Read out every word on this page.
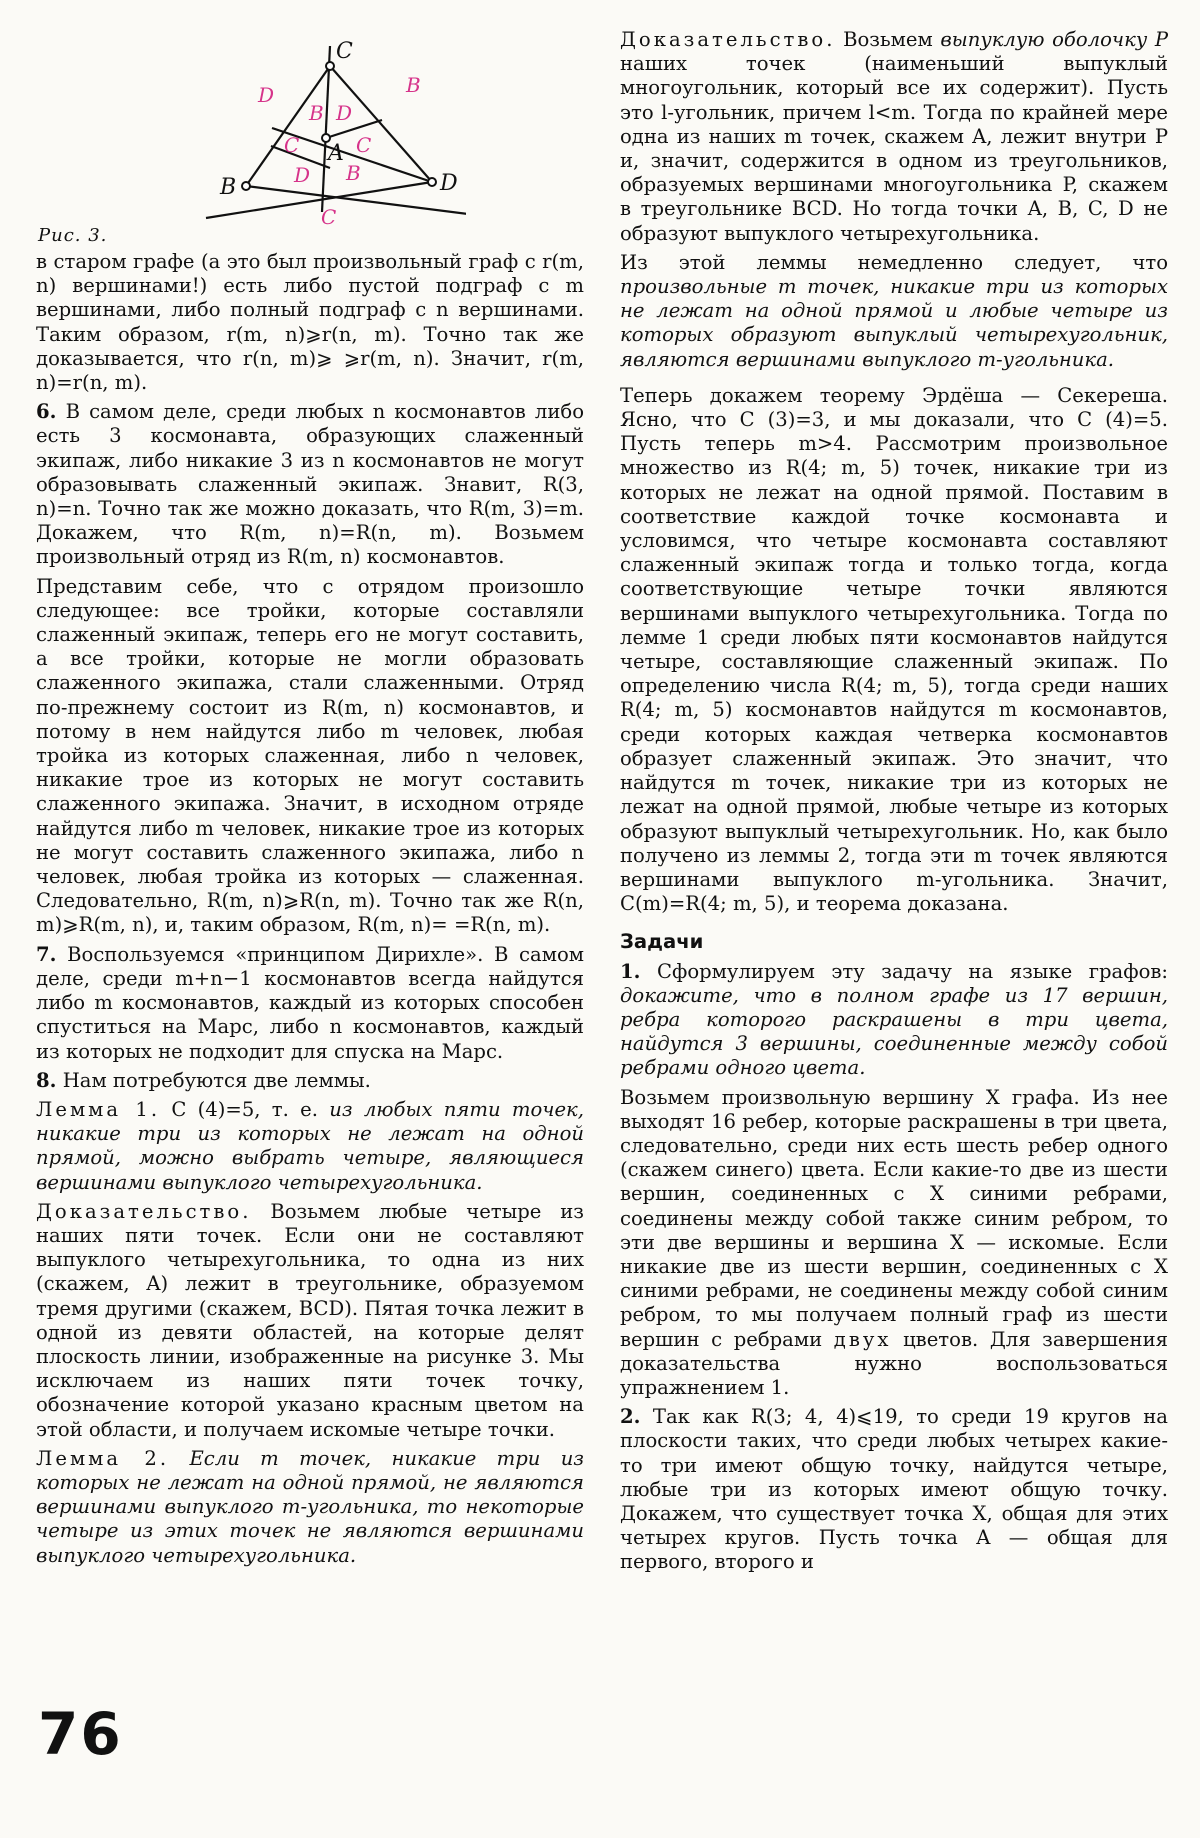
C
B	D
A
D
B
B
D
C	C
D B
C
Рис. 3.

в старом графе (а это был произвольный граф с r(m, n) вершинами!) есть либо пустой подграф с m вершинами, либо полный подграф с n вершинами. Таким образом, r(m, n)⩾r(n, m). Точно так же доказывается, что r(n, m)⩾ ⩾r(m, n). Значит, r(m, n)=r(n, m).

6. В самом деле, среди любых n космонавтов либо есть 3 космонавта, образующих слаженный экипаж, либо никакие 3 из n космонавтов не могут образовывать слаженный экипаж. Знавит, R(3, n)=n. Точно так же можно доказать, что R(m, 3)=m. Докажем, что R(m, n)=R(n, m). Возьмем произвольный отряд из R(m, n) космонавтов.

Представим себе, что с отрядом произошло следующее: все тройки, которые составляли слаженный экипаж, теперь его не могут составить, а все тройки, которые не могли образовать слаженного экипажа, стали слаженными. Отряд по-прежнему состоит из R(m, n) космонавтов, и потому в нем найдутся либо m человек, любая тройка из которых слаженная, либо n человек, никакие трое из которых не могут составить слаженного экипажа. Значит, в исходном отряде найдутся либо m человек, никакие трое из которых не могут составить слаженного экипажа, либо n человек, любая тройка из которых — слаженная. Следовательно, R(m, n)⩾R(n, m). Точно так же R(n, m)⩾R(m, n), и, таким образом, R(m, n)= =R(n, m).

7. Воспользуемся «принципом Дирихле». В самом деле, среди m+n−1 космонавтов всегда найдутся либо m космонавтов, каждый из которых способен спуститься на Марс, либо n космонавтов, каждый из которых не подходит для спуска на Марс.

8. Нам потребуются две леммы.

Лемма 1. C (4)=5, т. е. из любых пяти точек, никакие три из которых не лежат на одной прямой, можно выбрать четыре, являющиеся вершинами выпуклого четырехугольника.

Доказательство. Возьмем любые четыре из наших пяти точек. Если они не составляют выпуклого четырехугольника, то одна из них (скажем, A) лежит в треугольнике, образуемом тремя другими (скажем, BCD). Пятая точка лежит в одной из девяти областей, на которые делят плоскость линии, изображенные на рисунке 3. Мы исключаем из наших пяти точек точку, обозначение которой указано красным цветом на этой области, и получаем искомые четыре точки.

Лемма 2. Если m точек, никакие три из которых не лежат на одной прямой, не являются вершинами выпуклого m-угольника, то некоторые четыре из этих точек не являются вершинами выпуклого четырехугольника.

Доказательство. Возьмем выпуклую оболочку P наших точек (наименьший выпуклый многоугольник, который все их содержит). Пусть это l-угольник, причем l<m. Тогда по крайней мере одна из наших m точек, скажем A, лежит внутри P и, значит, содержится в одном из треугольников, образуемых вершинами многоугольника P, скажем в треугольнике BCD. Но тогда точки A, B, C, D не образуют выпуклого четырехугольника.

Из этой леммы немедленно следует, что произвольные m точек, никакие три из которых не лежат на одной прямой и любые четыре из которых образуют выпуклый четырехугольник, являются вершинами выпуклого m-угольника.

Теперь докажем теорему Эрдёша — Секереша. Ясно, что C (3)=3, и мы доказали, что C (4)=5. Пусть теперь m>4. Рассмотрим произвольное множество из R(4; m, 5) точек, никакие три из которых не лежат на одной прямой. Поставим в соответствие каждой точке космонавта и условимся, что четыре космонавта составляют слаженный экипаж тогда и только тогда, когда соответствующие четыре точки являются вершинами выпуклого четырехугольника. Тогда по лемме 1 среди любых пяти космонавтов найдутся четыре, составляющие слаженный экипаж. По определению числа R(4; m, 5), тогда среди наших R(4; m, 5) космонавтов найдутся m космонавтов, среди которых каждая четверка космонавтов образует слаженный экипаж. Это значит, что найдутся m точек, никакие три из которых не лежат на одной прямой, любые четыре из которых образуют выпуклый четырехугольник. Но, как было получено из леммы 2, тогда эти m точек являются вершинами выпуклого m-угольника. Значит, C(m)=R(4; m, 5), и теорема доказана.

Задачи

1. Сформулируем эту задачу на языке графов: докажите, что в полном графе из 17 вершин, ребра которого раскрашены в три цвета, найдутся 3 вершины, соединенные между собой ребрами одного цвета.

Возьмем произвольную вершину X графа. Из нее выходят 16 ребер, которые раскрашены в три цвета, следовательно, среди них есть шесть ребер одного (скажем синего) цвета. Если какие-то две из шести вершин, соединенных с X синими ребрами, соединены между собой также синим ребром, то эти две вершины и вершина X — искомые. Если никакие две из шести вершин, соединенных с X синими ребрами, не соединены между собой синим ребром, то мы получаем полный граф из шести вершин с ребрами двух цветов. Для завершения доказательства нужно воспользоваться упражнением 1.

2. Так как R(3; 4, 4)⩽19, то среди 19 кругов на плоскости таких, что среди любых четырех какие-то три имеют общую точку, найдутся четыре, любые три из которых имеют общую точку. Докажем, что существует точка X, общая для этих четырех кругов. Пусть точка A — общая для первого, второго и

76
